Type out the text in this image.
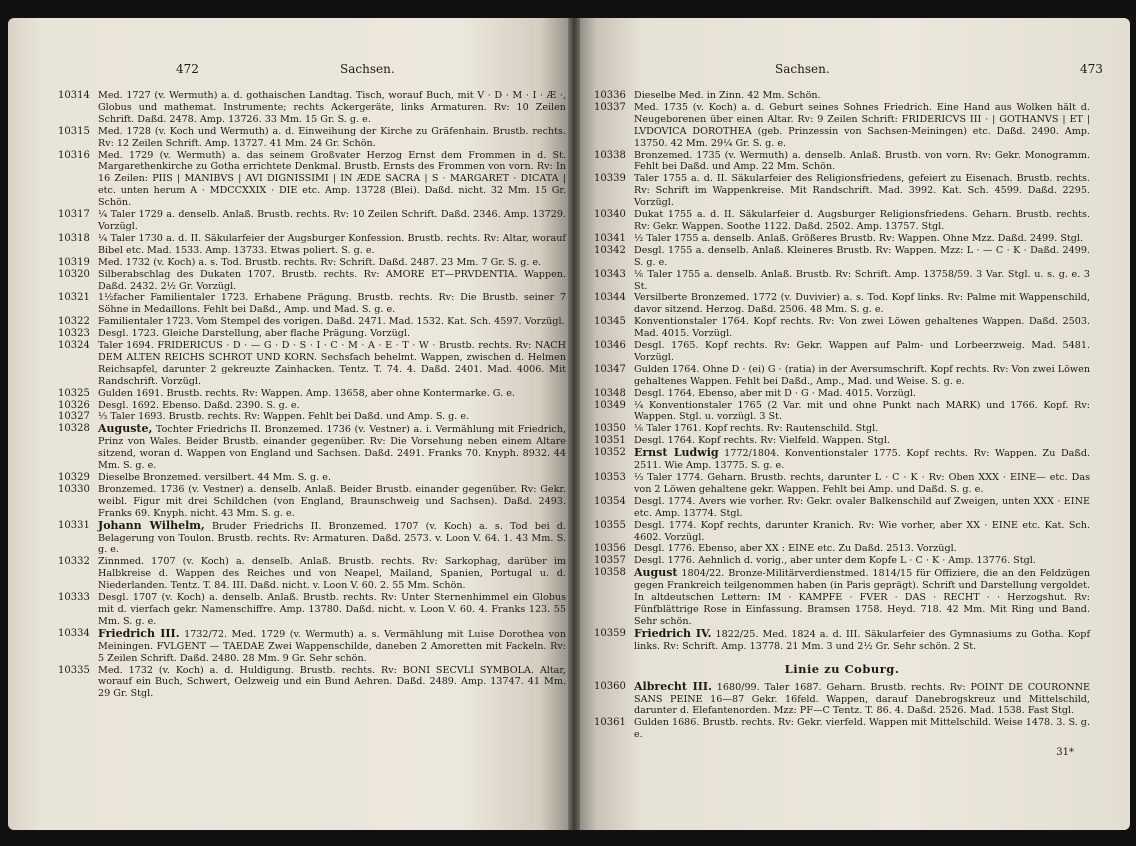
10314 Med. 1727 (v. Wermuth) a. d. gothaischen Landtag. Tisch, worauf Buch, mit V · D · M · I · Æ ·, Globus und mathemat. Instrumente; rechts Ackergeräte, links Armaturen. Rv: 10 Zeilen Schrift. Daßd. 2478. Amp. 13726. 33 Mm. 15 Gr. S. g. e.
10315 Med. 1728 (v. Koch und Wermuth) a. d. Einweihung der Kirche zu Gräfenhain. Brustb. rechts. Rv: 12 Zeilen Schrift. Amp. 13727. 41 Mm. 24 Gr. Schön.
10316 Med. 1729 (v. Wermuth) a. das seinem Großvater Herzog Ernst dem Frommen in d. St. Margarethenkirche zu Gotha errichtete Denkmal. Brustb. Ernsts des Frommen von vorn. Rv: In 16 Zeilen: PIIS | MANIBVS | AVI DIGNISSIMI | IN ÆDE SACRA | S · MARGARET · DICATA | etc. unten herum A · MDCCXXIX · DIE etc. Amp. 13728 (Blei). Daßd. nicht. 32 Mm. 15 Gr. Schön.
10317 ¼ Taler 1729 a. denselb. Anlaß. Brustb. rechts. Rv: 10 Zeilen Schrift. Daßd. 2346. Amp. 13729. Vorzügl.
10318 ¼ Taler 1730 a. d. II. Säkularfeier der Augsburger Konfession. Brustb. rechts. Rv: Altar, worauf Bibel etc. Mad. 1533. Amp. 13733. Etwas poliert. S. g. e.
10319 Med. 1732 (v. Koch) a. s. Tod. Brustb. rechts. Rv: Schrift. Daßd. 2487. 23 Mm. 7 Gr. S. g. e.
10320 Silberabschlag des Dukaten 1707. Brustb. rechts. Rv: AMORE ET—PRVDENTIA. Wappen. Daßd. 2432. 2½ Gr. Vorzügl.
10321 1½facher Familientaler 1723. Erhabene Prägung. Brustb. rechts. Rv: Die Brustb. seiner 7 Söhne in Medaillons. Fehlt bei Daßd., Amp. und Mad. S. g. e.
10322 Familientaler 1723. Vom Stempel des vorigen. Daßd. 2471. Mad. 1532. Kat. Sch. 4597. Vorzügl.
10323 Desgl. 1723. Gleiche Darstellung, aber flache Prägung. Vorzügl.
10324 Taler 1694. FRIDERICUS · D · — G · D · S · I · C · M · A · E · T · W · Brustb. rechts. Rv: NACH DEM ALTEN REICHS SCHROT UND KORN. Sechsfach behelmt. Wappen, zwischen d. Helmen Reichsapfel, darunter 2 gekreuzte Zainhacken. Tentz. T. 74. 4. Daßd. 2401. Mad. 4006. Mit Randschrift. Vorzügl.
10325 Gulden 1691. Brustb. rechts. Rv: Wappen. Amp. 13658, aber ohne Kontermarke. G. e.
10326 Desgl. 1692. Ebenso. Daßd. 2390. S. g. e.
10327 ⅓ Taler 1693. Brustb. rechts. Rv: Wappen. Fehlt bei Daßd. und Amp. S. g. e.
10328 Auguste, Tochter Friedrichs II. Bronzemed. 1736 (v. Vestner) a. i. Vermählung mit Friedrich, Prinz von Wales. Beider Brustb. einander gegenüber. Rv: Die Vorsehung neben einem Altare sitzend, woran d. Wappen von England und Sachsen. Daßd. 2491. Franks 70. Knyph. 8932. 44 Mm. S. g. e.
10329 Dieselbe Bronzemed. versilbert. 44 Mm. S. g. e.
10330 Bronzemed. 1736 (v. Vestner) a. denselb. Anlaß. Beider Brustb. einander gegenüber. Rv: Gekr. weibl. Figur mit drei Schildchen (von England, Braunschweig und Sachsen). Daßd. 2493. Franks 69. Knyph. nicht. 43 Mm. S. g. e.
10331 Johann Wilhelm, Bruder Friedrichs II. Bronzemed. 1707 (v. Koch) a. s. Tod bei d. Belagerung von Toulon. Brustb. rechts. Rv: Armaturen. Daßd. 2573. v. Loon V. 64. 1. 43 Mm. S. g. e.
10332 Zinnmed. 1707 (v. Koch) a. denselb. Anlaß. Brustb. rechts. Rv: Sarkophag, darüber im Halbkreise d. Wappen des Reiches und von Neapel, Mailand, Spanien, Portugal u. d. Niederlanden. Tentz. T. 84. III. Daßd. nicht. v. Loon V. 60. 2. 55 Mm. Schön.
10333 Desgl. 1707 (v. Koch) a. denselb. Anlaß. Brustb. rechts. Rv: Unter Sternenhimmel ein Globus mit d. vierfach gekr. Namenschiffre. Amp. 13780. Daßd. nicht. v. Loon V. 60. 4. Franks 123. 55 Mm. S. g. e.
10334 Friedrich III. 1732/72. Med. 1729 (v. Wermuth) a. s. Vermählung mit Luise Dorothea von Meiningen. FVLGENT — TAEDAE Zwei Wappenschilde, daneben 2 Amoretten mit Fackeln. Rv: 5 Zeilen Schrift. Daßd. 2480. 28 Mm. 9 Gr. Sehr schön.
10335 Med. 1732 (v. Koch) a. d. Huldigung. Brustb. rechts. Rv: BONI SECVLI SYMBOLA. Altar, worauf ein Buch, Schwert, Oelzweig und ein Bund Aehren. Daßd. 2489. Amp. 13747. 41 Mm. 29 Gr. Stgl.
10336 Dieselbe Med. in Zinn. 42 Mm. Schön.
10337 Med. 1735 (v. Koch) a. d. Geburt seines Sohnes Friedrich. Eine Hand aus Wolken hält d. Neugeborenen über einen Altar. Rv: 9 Zeilen Schrift: FRIDERICVS III · | GOTHANVS | ET | LVDOVICA DOROTHEA (geb. Prinzessin von Sachsen-Meiningen) etc. Daßd. 2490. Amp. 13750. 42 Mm. 29¼ Gr. S. g. e.
10338 Bronzemed. 1735 (v. Wermuth) a. denselb. Anlaß. Brustb. von vorn. Rv: Gekr. Monogramm. Fehlt bei Daßd. und Amp. 22 Mm. Schön.
10339 Taler 1755 a. d. II. Säkularfeier des Religionsfriedens, gefeiert zu Eisenach. Brustb. rechts. Rv: Schrift im Wappenkreise. Mit Randschrift. Mad. 3992. Kat. Sch. 4599. Daßd. 2295. Vorzügl.
10340 Dukat 1755 a. d. II. Säkularfeier d. Augsburger Religionsfriedens. Geharn. Brustb. rechts. Rv: Gekr. Wappen. Soothe 1122. Daßd. 2502. Amp. 13757. Stgl.
10341 ½ Taler 1755 a. denselb. Anlaß. Größeres Brustb. Rv: Wappen. Ohne Mzz. Daßd. 2499. Stgl.
10342 Desgl. 1755 a. denselb. Anlaß. Kleineres Brustb. Rv: Wappen. Mzz: L · — C · K · Daßd. 2499. S. g. e.
10343 ⅙ Taler 1755 a. denselb. Anlaß. Brustb. Rv: Schrift. Amp. 13758/59. 3 Var. Stgl. u. s. g. e. 3 St.
10344 Versilberte Bronzemed. 1772 (v. Duvivier) a. s. Tod. Kopf links. Rv: Palme mit Wappenschild, davor sitzend. Herzog. Daßd. 2506. 48 Mm. S. g. e.
10345 Konventionstaler 1764. Kopf rechts. Rv: Von zwei Löwen gehaltenes Wappen. Daßd. 2503. Mad. 4015. Vorzügl.
10346 Desgl. 1765. Kopf rechts. Rv: Gekr. Wappen auf Palm- und Lorbeerzweig. Mad. 5481. Vorzügl.
10347 Gulden 1764. Ohne D · (ei) G · (ratia) in der Aversumschrift. Kopf rechts. Rv: Von zwei Löwen gehaltenes Wappen. Fehlt bei Daßd., Amp., Mad. und Weise. S. g. e.
10348 Desgl. 1764. Ebenso, aber mit D · G · Mad. 4015. Vorzügl.
10349 ¼ Konventionstaler 1765 (2 Var. mit und ohne Punkt nach MARK) und 1766. Kopf. Rv: Wappen. Stgl. u. vorzügl. 3 St.
10350 ⅙ Taler 1761. Kopf rechts. Rv: Rautenschild. Stgl.
10351 Desgl. 1764. Kopf rechts. Rv: Vielfeld. Wappen. Stgl.
10352 Ernst Ludwig 1772/1804. Konventionstaler 1775. Kopf rechts. Rv: Wappen. Zu Daßd. 2511. Wie Amp. 13775. S. g. e.
10353 ⅓ Taler 1774. Geharn. Brustb. rechts, darunter L · C · K · Rv: Oben XXX · EINE— etc. Das von 2 Löwen gehaltene gekr. Wappen. Fehlt bei Amp. und Daßd. S. g. e.
10354 Desgl. 1774. Avers wie vorher. Rv: Gekr. ovaler Balkenschild auf Zweigen, unten XXX · EINE etc. Amp. 13774. Stgl.
10355 Desgl. 1774. Kopf rechts, darunter Kranich. Rv: Wie vorher, aber XX · EINE etc. Kat. Sch. 4602. Vorzügl.
10356 Desgl. 1776. Ebenso, aber XX : EINE etc. Zu Daßd. 2513. Vorzügl.
10357 Desgl. 1776. Aehnlich d. vorig., aber unter dem Kopfe L · C · K · Amp. 13776. Stgl.
10358 August 1804/22. Bronze-Militärverdienstmed. 1814/15 für Offiziere, die an den Feldzügen gegen Frankreich teilgenommen haben (in Paris geprägt). Schrift und Darstellung vergoldet. In altdeutschen Lettern: IM · KAMPFE · FVER · DAS · RECHT · · Herzogshut. Rv: Fünfblättrige Rose in Einfassung. Bramsen 1758. Heyd. 718. 42 Mm. Mit Ring und Band. Sehr schön.
10359 Friedrich IV. 1822/25. Med. 1824 a. d. III. Säkularfeier des Gymnasiums zu Gotha. Kopf links. Rv: Schrift. Amp. 13778. 21 Mm. 3 und 2½ Gr. Sehr schön. 2 St.
Linie zu Coburg.
10360 Albrecht III. 1680/99. Taler 1687. Geharn. Brustb. rechts. Rv: POINT DE COURONNE SANS PEINE 16—87 Gekr. 16feld. Wappen, darauf Danebrogskreuz und Mittelschild, darunter d. Elefantenorden. Mzz: PF—C Tentz. T. 86. 4. Daßd. 2526. Mad. 1538. Fast Stgl.
10361 Gulden 1686. Brustb. rechts. Rv: Gekr. vierfeld. Wappen mit Mittelschild. Weise 1478. 3. S. g. e.
31*
472	Sachsen.	Sachsen.	473
